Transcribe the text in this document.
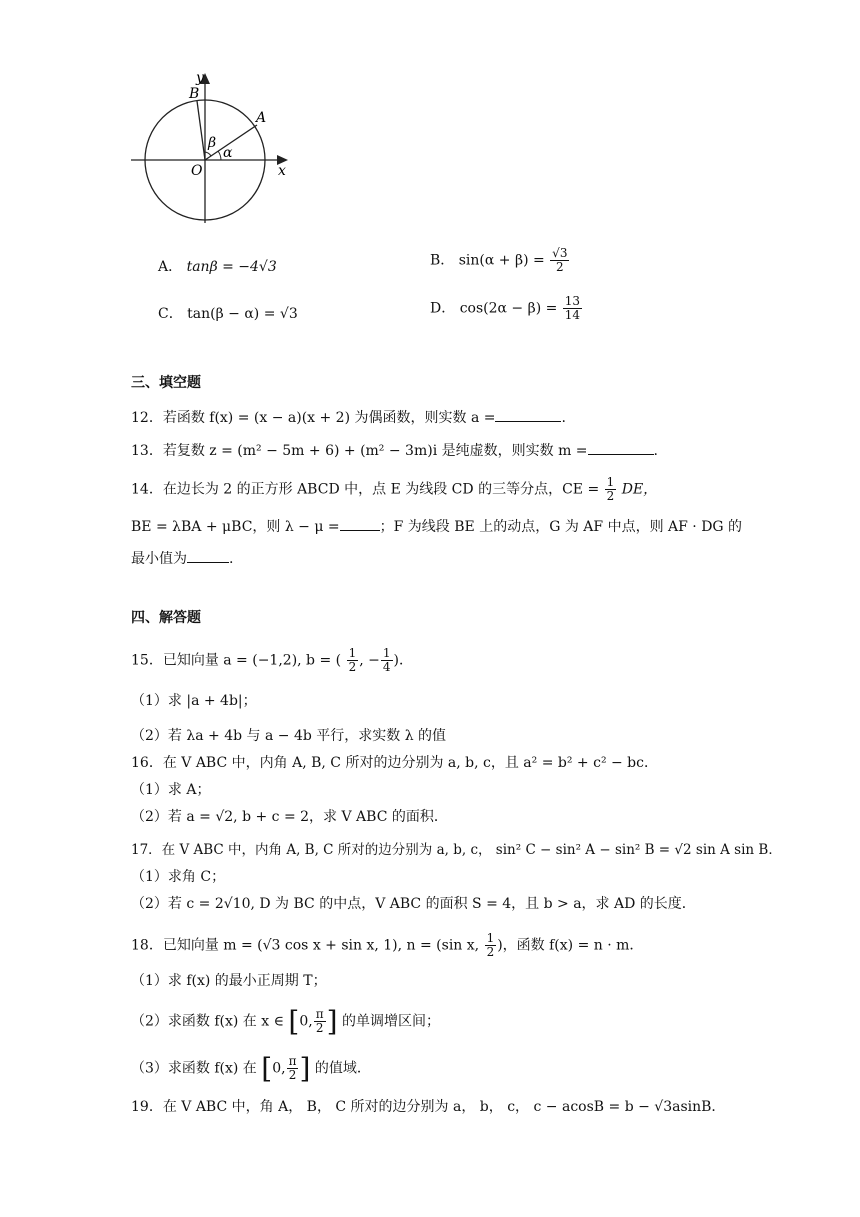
y
x
O
A
B
α
β
A． tanβ = −4√3	B． $\sin(\alpha + \beta) = \frac{√3}{2}$
C． tan(β − α) = √3	D． $\cos(2\alpha - \beta) = \frac{13}{14}$
三、填空题
12．若函数 f(x) = (x − a)(x + 2) 为偶函数，则实数 a =	.
13．若复数 z = (m² − 5m + 6) + (m² − 3m)i 是纯虚数，则实数 m =	.
14．在边长为 2 的正方形 ABCD 中，点 E 为线段 CD 的三等分点，CE = $\frac{1}{2}$ DE，
BE = λBA + μBC，则 λ − μ =	；F 为线段 BE 上的动点，G 为 AF 中点，则 AF · DG 的
最小值为	.
四、解答题
15．已知向量 a = (−1,2), b = ( $\frac{1}{2}$ , − $\frac{1}{4}$ )．
（1）求 |a + 4b|；
（2）若 λa + 4b 与 a − 4b 平行，求实数 λ 的值
16．在 V ABC 中，内角 A, B, C 所对的边分别为 a, b, c，且 a² = b² + c² − bc．
（1）求 A；
（2）若 a = √2, b + c = 2，求 V ABC 的面积．
17．在 V ABC 中，内角 A, B, C 所对的边分别为 a, b, c， sin² C − sin² A − sin² B = √2 sin A sin B．
（1）求角 C；
（2）若 c = 2√10, D 为 BC 的中点，V ABC 的面积 S = 4，且 b > a，求 AD 的长度．
18．已知向量 m = (√3 cos x + sin x, 1), n = (sin x, $\frac{1}{2}$ )，函数 f(x) = n · m．
（1）求 f(x) 的最小正周期 T；
（2）求函数 f(x) 在 x ∈ [0, $\frac{\pi}{2}$ ] 的单调增区间；
（3）求函数 f(x) 在 [0, $\frac{\pi}{2}$ ] 的值域．
19．在 V ABC 中，角 A， B， C 所对的边分别为 a， b， c， c − acosB = b − √3asinB．
